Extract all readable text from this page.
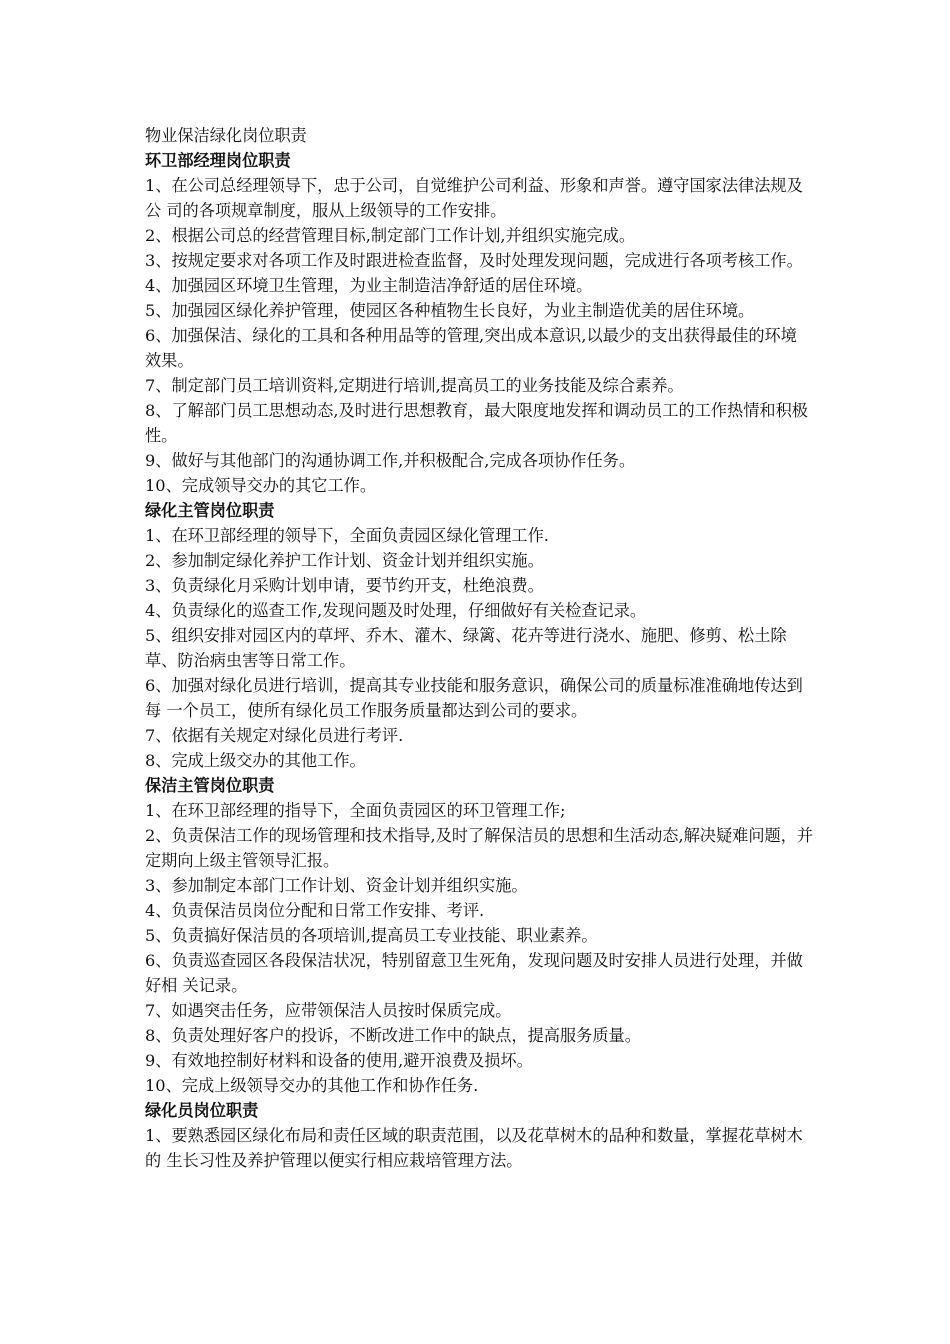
物业保洁绿化岗位职责
环卫部经理岗位职责

1、在公司总经理领导下，忠于公司，自觉维护公司利益、形象和声誉。遵守国家法律法规及公 司的各项规章制度，服从上级领导的工作安排。

2、根据公司总的经营管理目标,制定部门工作计划,并组织实施完成。

3、按规定要求对各项工作及时跟进检查监督，及时处理发现问题，完成进行各项考核工作。

4、加强园区环境卫生管理，为业主制造洁净舒适的居住环境。

5、加强园区绿化养护管理，使园区各种植物生长良好，为业主制造优美的居住环境。

6、加强保洁、绿化的工具和各种用品等的管理,突出成本意识,以最少的支出获得最佳的环境 效果。

7、制定部门员工培训资料,定期进行培训,提高员工的业务技能及综合素养。

8、了解部门员工思想动态,及时进行思想教育，最大限度地发挥和调动员工的工作热情和积极性。

9、做好与其他部门的沟通协调工作,并积极配合,完成各项协作任务。

10、完成领导交办的其它工作。

绿化主管岗位职责

1、在环卫部经理的领导下，全面负责园区绿化管理工作.

2、参加制定绿化养护工作计划、资金计划并组织实施。

3、负责绿化月采购计划申请，要节约开支，杜绝浪费。

4、负责绿化的巡查工作,发现问题及时处理，仔细做好有关检查记录。

5、组织安排对园区内的草坪、乔木、灌木、绿篱、花卉等进行浇水、施肥、修剪、松土除草、防治病虫害等日常工作。

6、加强对绿化员进行培训，提高其专业技能和服务意识，确保公司的质量标准准确地传达到每 一个员工，使所有绿化员工作服务质量都达到公司的要求。

7、依据有关规定对绿化员进行考评.

8、完成上级交办的其他工作。

保洁主管岗位职责

1、在环卫部经理的指导下，全面负责园区的环卫管理工作;

2、负责保洁工作的现场管理和技术指导,及时了解保洁员的思想和生活动态,解决疑难问题，并 定期向上级主管领导汇报。

3、参加制定本部门工作计划、资金计划并组织实施。

4、负责保洁员岗位分配和日常工作安排、考评.

5、负责搞好保洁员的各项培训,提高员工专业技能、职业素养。

6、负责巡查园区各段保洁状况，特别留意卫生死角，发现问题及时安排人员进行处理，并做好相 关记录。

7、如遇突击任务，应带领保洁人员按时保质完成。

8、负责处理好客户的投诉，不断改进工作中的缺点，提高服务质量。

9、有效地控制好材料和设备的使用,避开浪费及损坏。

10、完成上级领导交办的其他工作和协作任务.

绿化员岗位职责

1、要熟悉园区绿化布局和责任区域的职责范围，以及花草树木的品种和数量，掌握花草树木的 生长习性及养护管理以便实行相应栽培管理方法。
